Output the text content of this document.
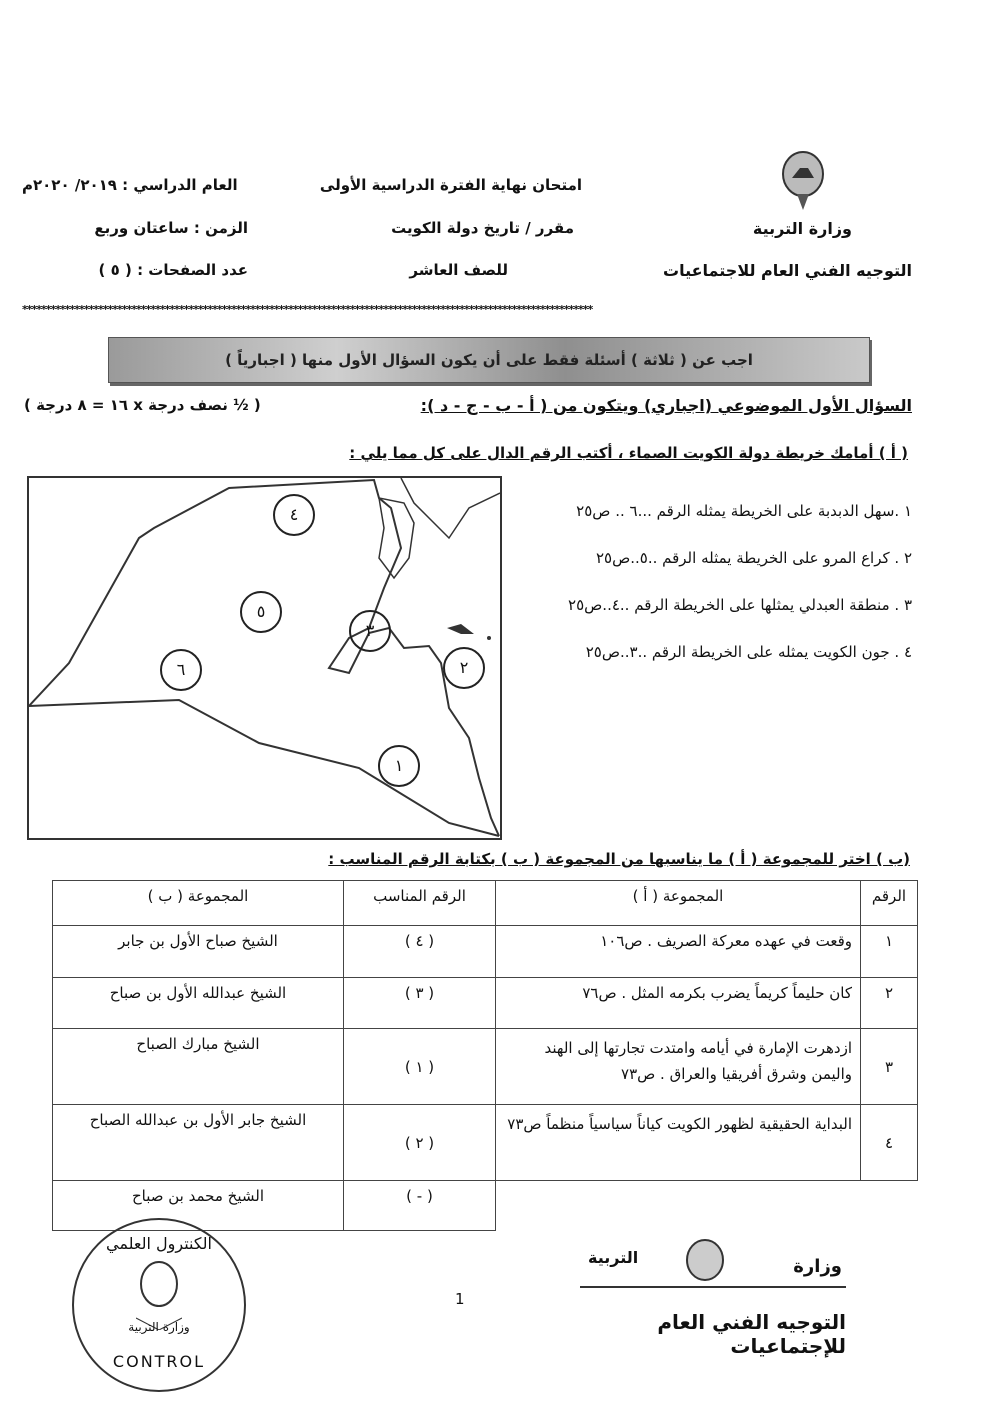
امتحان نهاية الفترة الدراسية الأولى
العام الدراسي : ٢٠١٩/ ٢٠٢٠م
وزارة التربية
مقرر / تاريخ دولة الكويت
الزمن : ساعتان وربع
التوجيه الفني العام للاجتماعيات
للصف العاشر
عدد الصفحات : ( ٥ )
************************************************************************************************************************
اجب عن ( ثلاثة ) أسئلة فقط على أن يكون السؤال الأول منها ( اجبارياً )
السؤال الأول الموضوعي (اجباري) ويتكون من ( أ - ب - ج - د ):
( ½ نصف درجة x ١٦ = ٨ درجة )
( أ ) أمامك خريطة دولة الكويت الصماء ، أكتب الرقم الدال على كل مما يلي :
٤
٥
٣
٦	٢
١
١ .سهل الدبدبة على الخريطة يمثله الرقم ...٦ .. ص٢٥
٢ . كراع المرو على الخريطة يمثله الرقم ..٥..ص٢٥
٣ . منطقة العبدلي يمثلها على الخريطة الرقم ..٤..ص٢٥
٤ . جون الكويت يمثله على الخريطة الرقم ..٣..ص٢٥
(ب ) اختر للمجموعة ( أ ) ما يناسبها من المجموعة ( ب ) بكتابة الرقم المناسب :
الرقم	المجموعة ( أ )	الرقم المناسب	المجموعة ( ب )
١	وقعت في عهده معركة الصريف . ص١٠٦	( ٤ )	الشيخ صباح الأول بن جابر
٢	كان حليماً كريماً يضرب بكرمه المثل . ص٧٦	( ٣ )	الشيخ عبدالله الأول بن صباح
٣	ازدهرت الإمارة في أيامه وامتدت تجارتها إلى الهند واليمن وشرق أفريقيا والعراق . ص٧٣	( ١ )	الشيخ مبارك الصباح
٤	البداية الحقيقية لظهور الكويت كياناً سياسياً منظماً ص٧٣	( ٢ )	الشيخ جابر الأول بن عبدالله الصباح
		( - )	الشيخ محمد بن صباح
الكنترول العلمي
وزارة التربية
CONTROL
1
التربية	وزارة
التوجيه الفني العام للإجتماعيات
